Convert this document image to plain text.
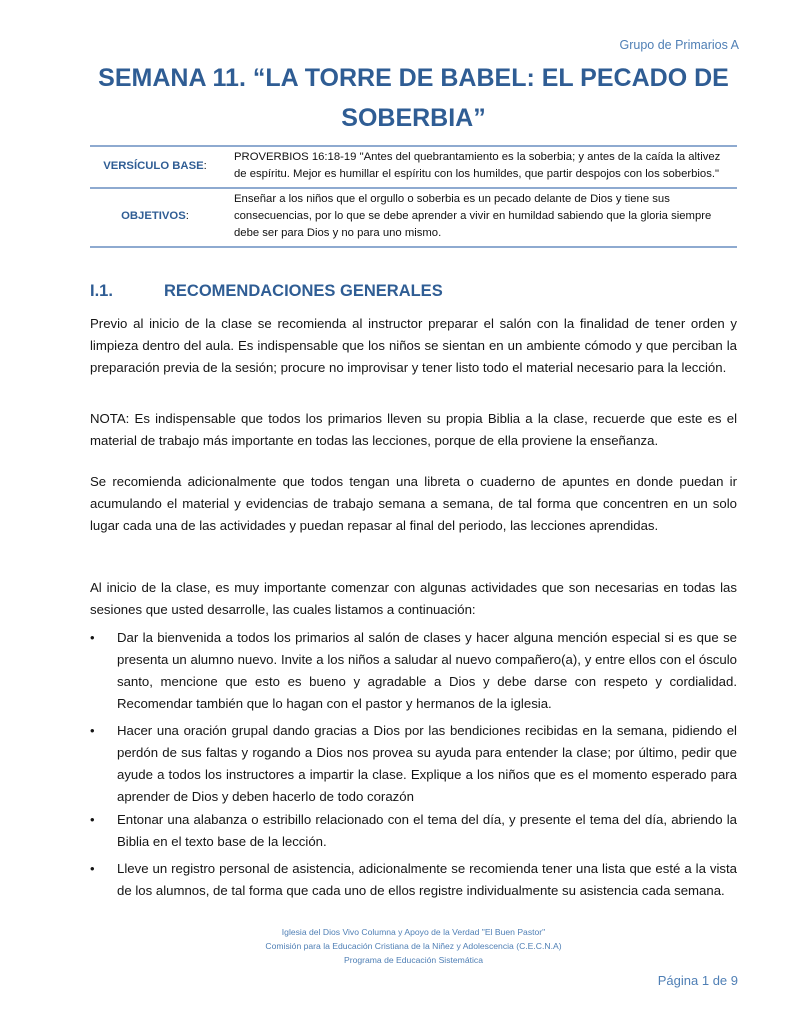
Grupo de Primarios A
SEMANA 11. “LA TORRE DE BABEL: EL PECADO DE SOBERBIA”
VERSÍCULO BASE:	PROVERBIOS 16:18-19 "Antes del quebrantamiento es la soberbia; y antes de la caída la altivez de espíritu. Mejor es humillar el espíritu con los humildes, que partir despojos con los soberbios."
OBJETIVOS:	Enseñar a los niños que el orgullo o soberbia es un pecado delante de Dios y tiene sus consecuencias, por lo que se debe aprender a vivir en humildad sabiendo que la gloria siempre debe ser para Dios y no para uno mismo.
I.1.	RECOMENDACIONES GENERALES
Previo al inicio de la clase se recomienda al instructor preparar el salón con la finalidad de tener orden y limpieza dentro del aula. Es indispensable que los niños se sientan en un ambiente cómodo y que perciban la preparación previa de la sesión; procure no improvisar y tener listo todo el material necesario para la lección.
NOTA: Es indispensable que todos los primarios lleven su propia Biblia a la clase, recuerde que este es el material de trabajo más importante en todas las lecciones, porque de ella proviene la enseñanza.
Se recomienda adicionalmente que todos tengan una libreta o cuaderno de apuntes en donde puedan ir acumulando el material y evidencias de trabajo semana a semana, de tal forma que concentren en un solo lugar cada una de las actividades y puedan repasar al final del periodo, las lecciones aprendidas.
Al inicio de la clase, es muy importante comenzar con algunas actividades que son necesarias en todas las sesiones que usted desarrolle, las cuales listamos a continuación:
• Dar la bienvenida a todos los primarios al salón de clases y hacer alguna mención especial si es que se presenta un alumno nuevo. Invite a los niños a saludar al nuevo compañero(a), y entre ellos con el ósculo santo, mencione que esto es bueno y agradable a Dios y debe darse con respeto y cordialidad. Recomendar también que lo hagan con el pastor y hermanos de la iglesia.
• Hacer una oración grupal dando gracias a Dios por las bendiciones recibidas en la semana, pidiendo el perdón de sus faltas y rogando a Dios nos provea su ayuda para entender la clase; por último, pedir que ayude a todos los instructores a impartir la clase. Explique a los niños que es el momento esperado para aprender de Dios y deben hacerlo de todo corazón
• Entonar una alabanza o estribillo relacionado con el tema del día, y presente el tema del día, abriendo la Biblia en el texto base de la lección.
• Lleve un registro personal de asistencia, adicionalmente se recomienda tener una lista que esté a la vista de los alumnos, de tal forma que cada uno de ellos registre individualmente su asistencia cada semana.
Iglesia del Dios Vivo Columna y Apoyo de la Verdad "El Buen Pastor"
Comisión para la Educación Cristiana de la Niñez y Adolescencia (C.E.C.N.A)
Programa de Educación Sistemática
Página 1 de 9
